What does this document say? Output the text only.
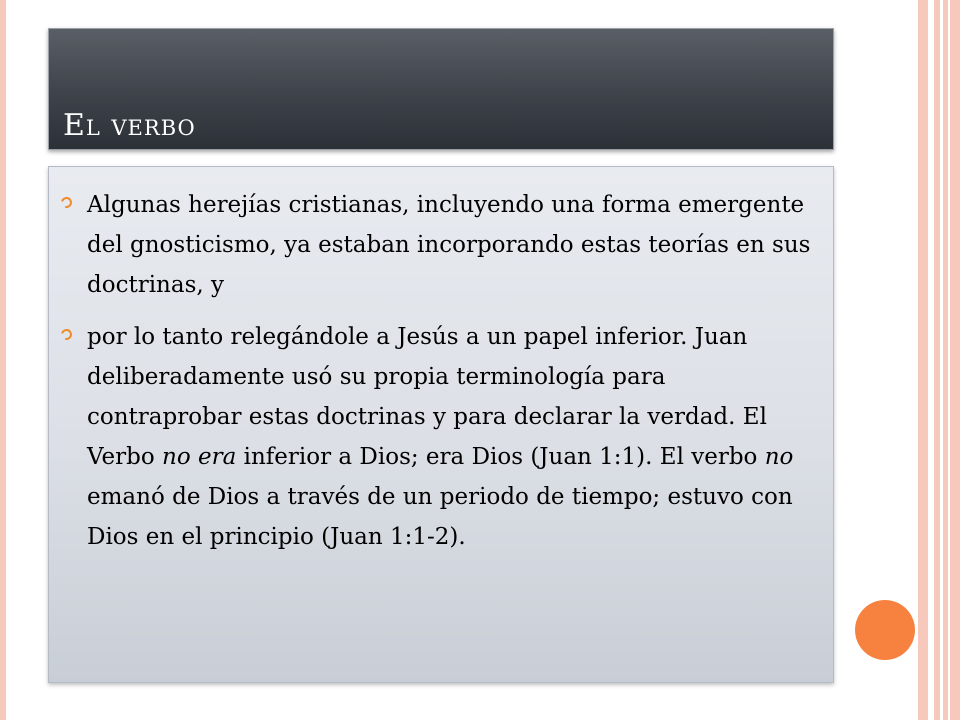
El verbo
Algunas herejías cristianas, incluyendo una forma emergente del gnosticismo, ya estaban incorporando estas teorías en sus doctrinas, y
por lo tanto relegándole a Jesús a un papel inferior. Juan deliberadamente usó su propia terminología para contraprobar estas doctrinas y para declarar la verdad. El Verbo no era inferior a Dios; era Dios (Juan 1:1). El verbo no emanó de Dios a través de un periodo de tiempo; estuvo con Dios en el principio (Juan 1:1-2).
